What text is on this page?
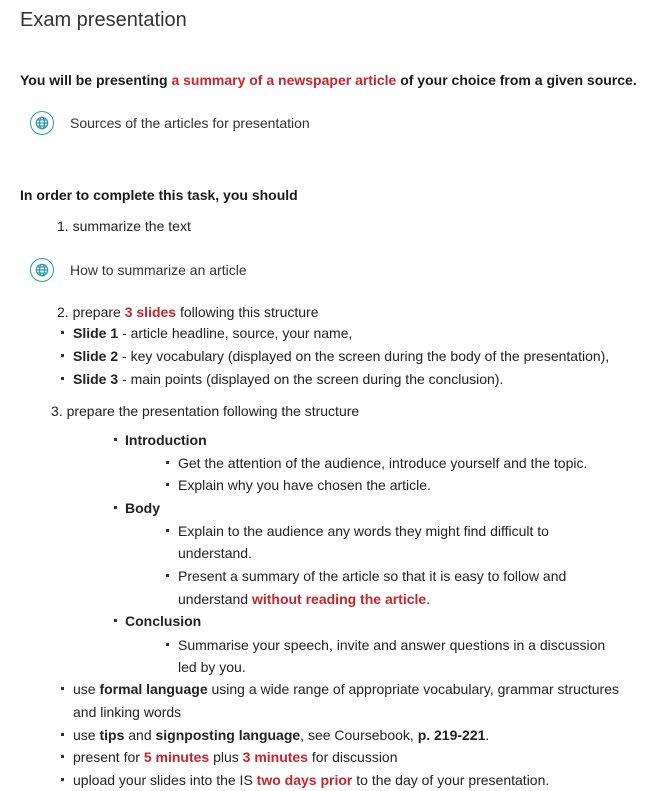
Exam presentation
You will be presenting a summary of a newspaper article of your choice from a given source.
Sources of the articles for presentation
In order to complete this task, you should
1. summarize the text
How to summarize an article
2. prepare 3 slides following this structure
Slide 1 - article headline, source, your name,
Slide 2 - key vocabulary (displayed on the screen during the body of the presentation),
Slide 3 - main points (displayed on the screen during the conclusion).
3. prepare the presentation following the structure
Introduction
Get the attention of the audience, introduce yourself and the topic.
Explain why you have chosen the article.
Body
Explain to the audience any words they might find difficult to
understand.
Present a summary of the article so that it is easy to follow and
understand without reading the article.
Conclusion
Summarise your speech, invite and answer questions in a discussion
led by you.
use formal language using a wide range of appropriate vocabulary, grammar structures
and linking words
use tips and signposting language, see Coursebook, p. 219-221.
present for 5 minutes plus 3 minutes for discussion
upload your slides into the IS two days prior to the day of your presentation.
